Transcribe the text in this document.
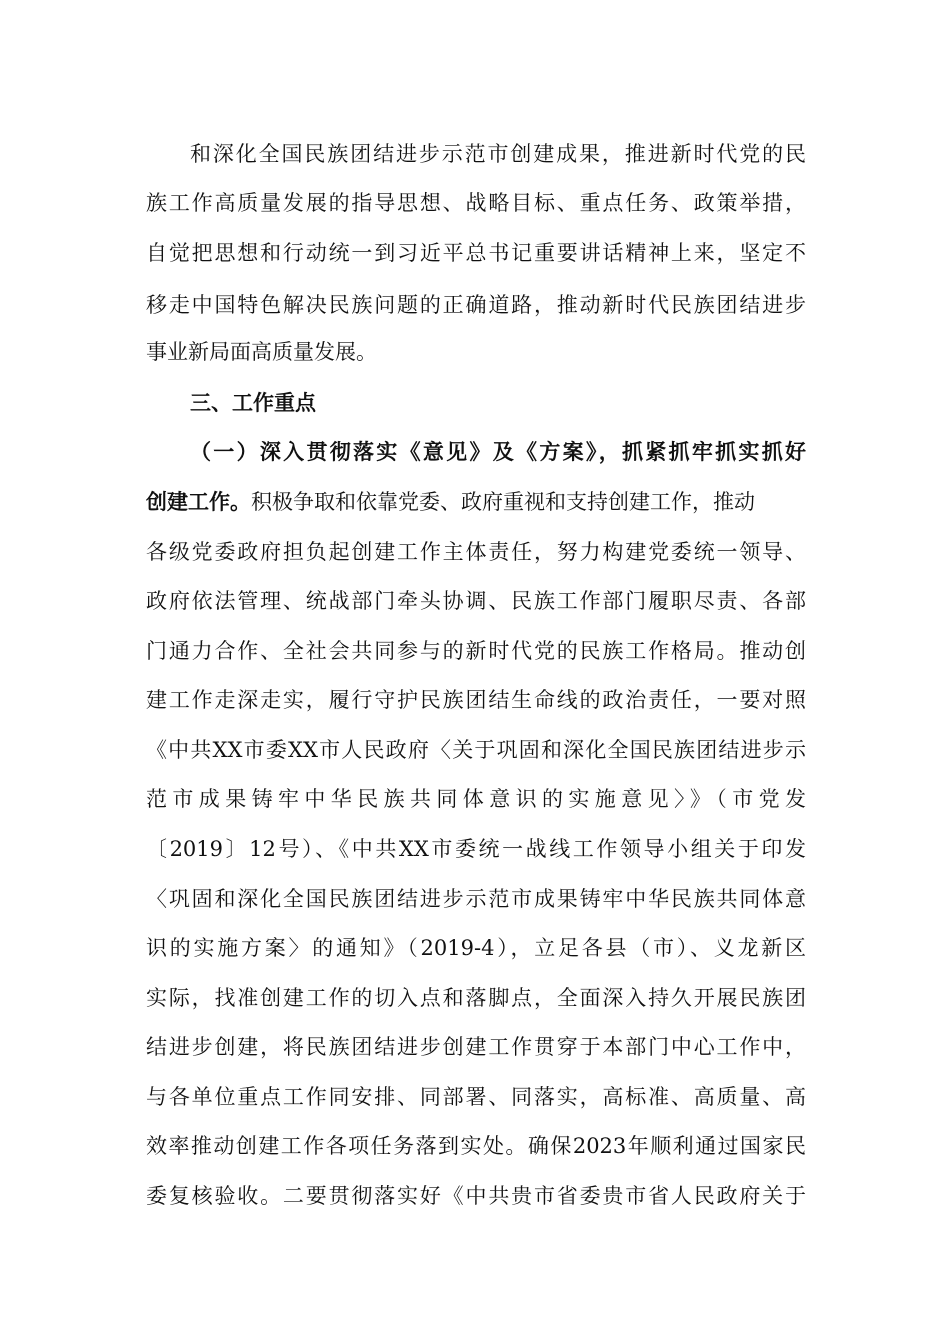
和深化全国民族团结进步示范市创建成果，推进新时代党的民
族工作高质量发展的指导思想、战略目标、重点任务、政策举措，
自觉把思想和行动统一到习近平总书记重要讲话精神上来，坚定不
移走中国特色解决民族问题的正确道路，推动新时代民族团结进步
事业新局面高质量发展。
三、工作重点
（一）深入贯彻落实《意见》及《方案》，抓紧抓牢抓实抓好
创建工作。积极争取和依靠党委、政府重视和支持创建工作，推动
各级党委政府担负起创建工作主体责任，努力构建党委统一领导、
政府依法管理、统战部门牵头协调、民族工作部门履职尽责、各部
门通力合作、全社会共同参与的新时代党的民族工作格局。推动创
建工作走深走实，履行守护民族团结生命线的政治责任，一要对照
《中共XX市委XX市人民政府〈关于巩固和深化全国民族团结进步示
范市成果铸牢中华民族共同体意识的实施意见〉》（市党发
〔2019〕12号）、《中共XX市委统一战线工作领导小组关于印发
〈巩固和深化全国民族团结进步示范市成果铸牢中华民族共同体意
识的实施方案〉的通知》（2019-4），立足各县（市）、义龙新区
实际，找准创建工作的切入点和落脚点，全面深入持久开展民族团
结进步创建，将民族团结进步创建工作贯穿于本部门中心工作中，
与各单位重点工作同安排、同部署、同落实，高标准、高质量、高
效率推动创建工作各项任务落到实处。确保2023年顺利通过国家民
委复核验收。二要贯彻落实好《中共贵市省委贵市省人民政府关于
